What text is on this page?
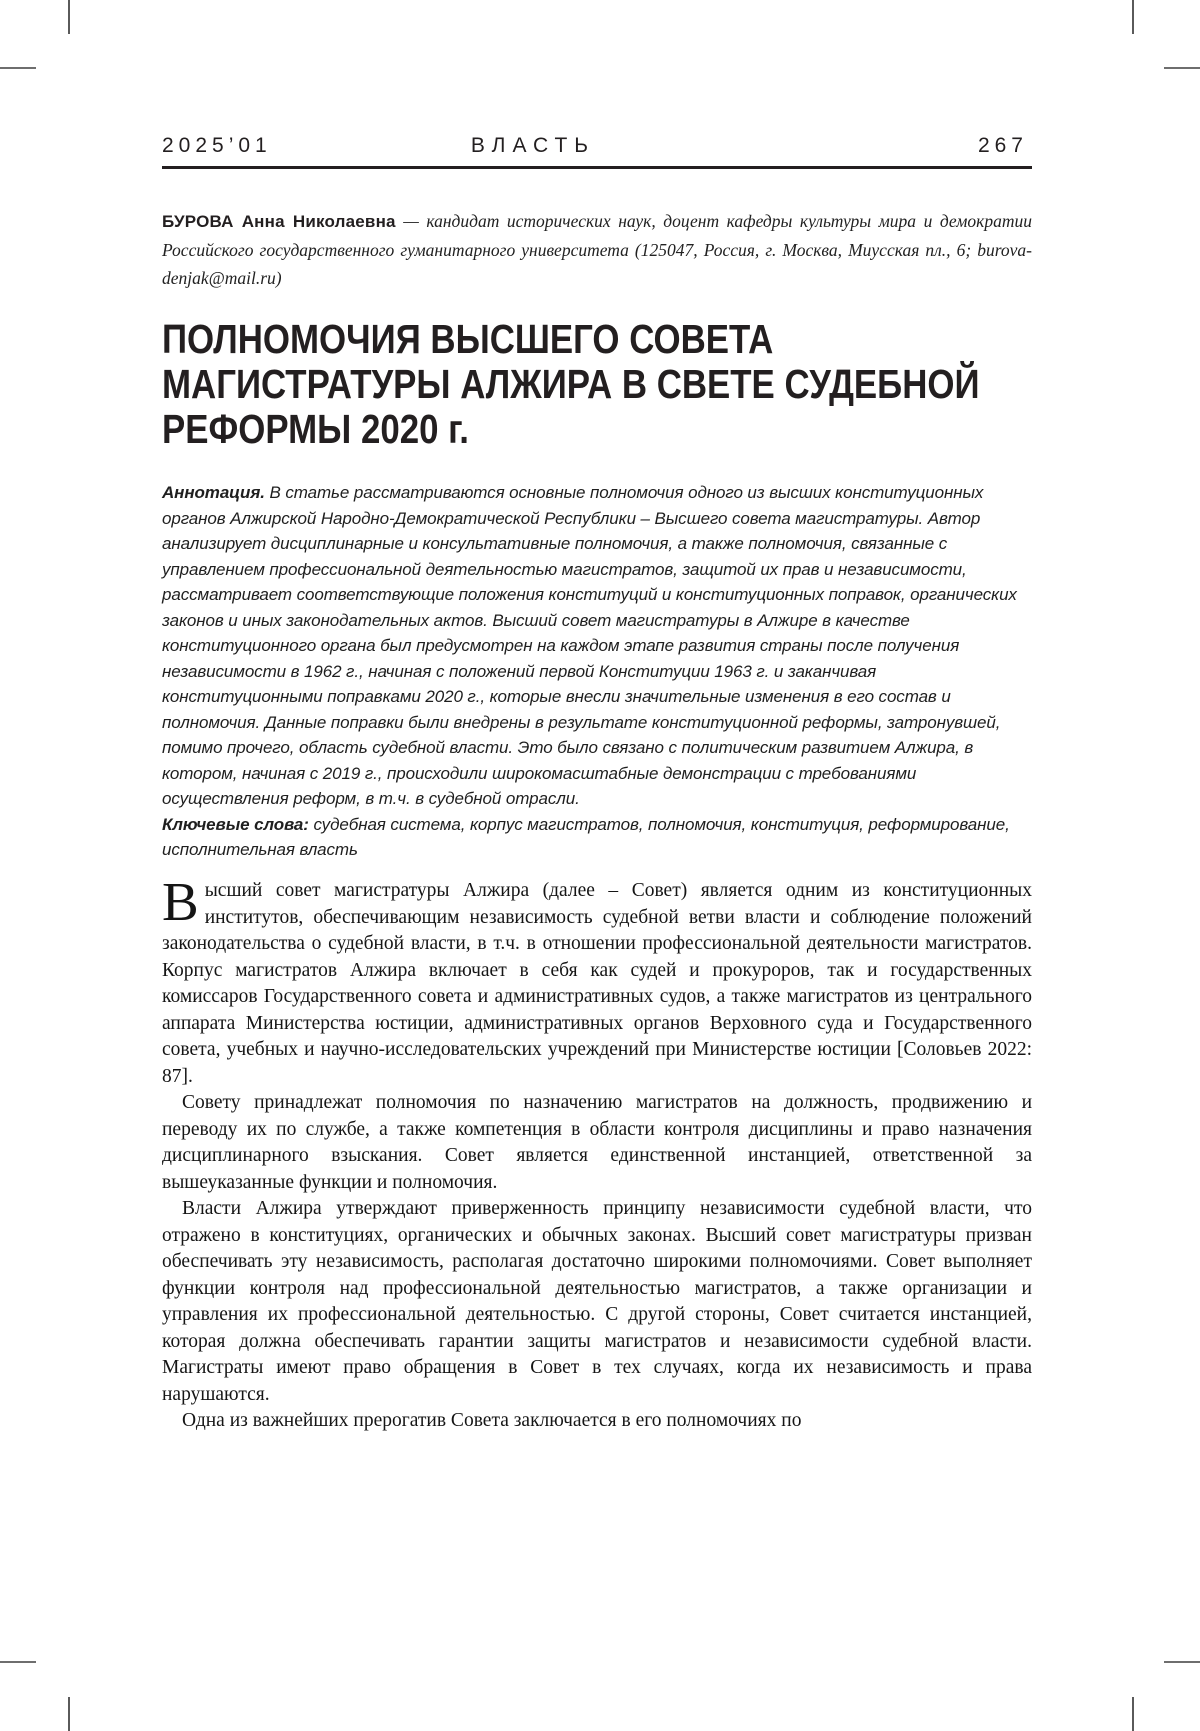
2025’01	ВЛАСТЬ	267

БУРОВА Анна Николаевна — кандидат исторических наук, доцент кафедры культуры мира и демократии Российского государственного гуманитарного университета (125047, Россия, г. Москва, Миусская пл., 6; burova-denjak@mail.ru)

ПОЛНОМОЧИЯ ВЫСШЕГО СОВЕТА
МАГИСТРАТУРЫ АЛЖИРА В СВЕТЕ СУДЕБНОЙ
РЕФОРМЫ 2020 г.

Аннотация. В статье рассматриваются основные полномочия одного из высших конституционных органов Алжирской Народно-Демократической Республики – Высшего совета магистратуры. Автор анализирует дисциплинарные и консультативные полномочия, а также полномочия, связанные с управлением профессиональной деятельностью магистратов, защитой их прав и независимости, рассматривает соответствующие положения конституций и конституционных поправок, органических законов и иных законодательных актов. Высший совет магистратуры в Алжире в качестве конституционного органа был предусмотрен на каждом этапе развития страны после получения независимости в 1962 г., начиная с положений первой Конституции 1963 г. и заканчивая конституционными поправками 2020 г., которые внесли значительные изменения в его состав и полномочия. Данные поправки были внедрены в результате конституционной реформы, затронувшей, помимо прочего, область судебной власти. Это было связано с политическим развитием Алжира, в котором, начиная с 2019 г., происходили широкомасштабные демонстрации с требованиями осуществления реформ, в т.ч. в судебной отрасли.

Ключевые слова: судебная система, корпус магистратов, полномочия, конституция, реформирование, исполнительная власть

Высший совет магистратуры Алжира (далее – Совет) является одним из конституционных институтов, обеспечивающим независимость судебной ветви власти и соблюдение положений законодательства о судебной власти, в т.ч. в отношении профессиональной деятельности магистратов. Корпус магистратов Алжира включает в себя как судей и прокуроров, так и государственных комиссаров Государственного совета и административных судов, а также магистратов из центрального аппарата Министерства юстиции, административных органов Верховного суда и Государственного совета, учебных и научно-исследовательских учреждений при Министерстве юстиции [Соловьев 2022: 87].

Совету принадлежат полномочия по назначению магистратов на должность, продвижению и переводу их по службе, а также компетенция в области контроля дисциплины и право назначения дисциплинарного взыскания. Совет является единственной инстанцией, ответственной за вышеуказанные функции и полномочия.

Власти Алжира утверждают приверженность принципу независимости судебной власти, что отражено в конституциях, органических и обычных законах. Высший совет магистратуры призван обеспечивать эту независимость, располагая достаточно широкими полномочиями. Совет выполняет функции контроля над профессиональной деятельностью магистратов, а также организации и управления их профессиональной деятельностью. С другой стороны, Совет считается инстанцией, которая должна обеспечивать гарантии защиты магистратов и независимости судебной власти. Магистраты имеют право обращения в Совет в тех случаях, когда их независимость и права нарушаются.

Одна из важнейших прерогатив Совета заключается в его полномочиях по
